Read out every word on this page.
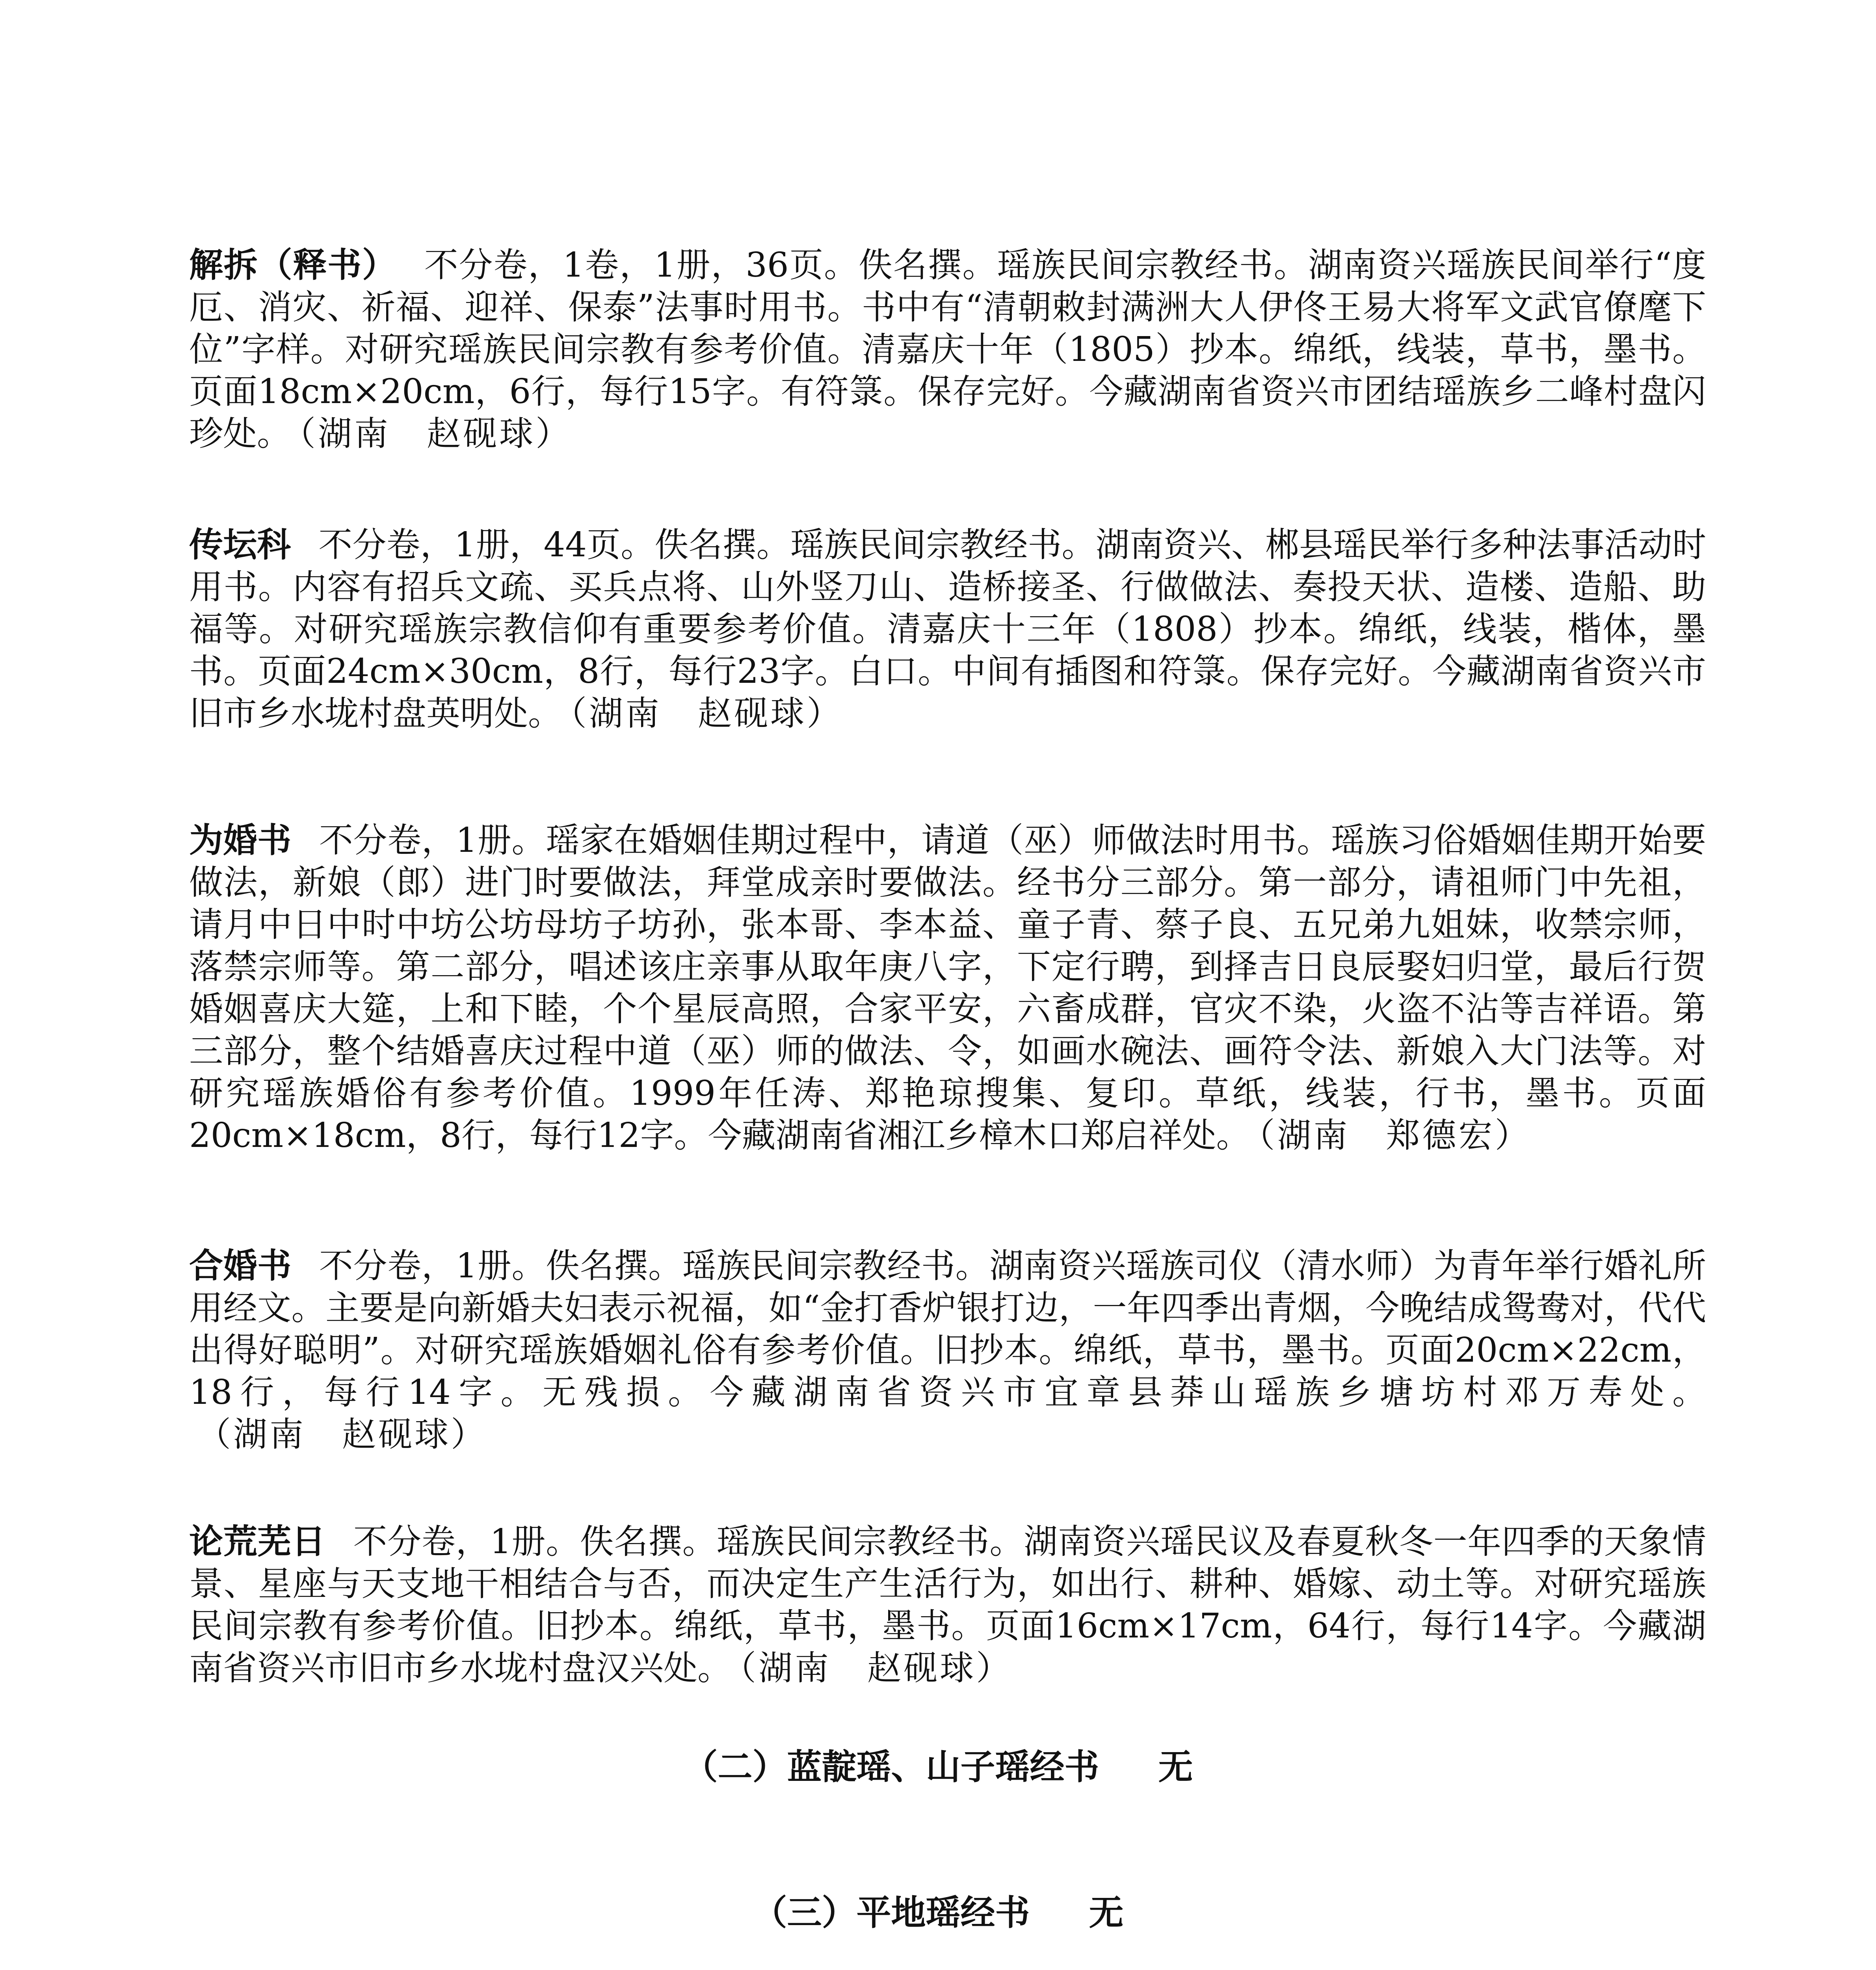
解拆（释书） 不分卷，1卷，1册，36页。佚名撰。瑶族民间宗教经书。湖南资兴瑶族民间举行“度厄、消灾、祈福、迎祥、保泰”法事时用书。书中有“清朝敕封满洲大人伊佟王易大将军文武官僚麾下位”字样。对研究瑶族民间宗教有参考价值。清嘉庆十年（1805）抄本。绵纸，线装，草书，墨书。页面18cm×20cm，6行，每行15字。有符箓。保存完好。今藏湖南省资兴市团结瑶族乡二峰村盘闪珍处。 （湖南　赵砚球）

传坛科 不分卷，1册，44页。佚名撰。瑶族民间宗教经书。湖南资兴、郴县瑶民举行多种法事活动时用书。内容有招兵文疏、买兵点将、山外竖刀山、造桥接圣、行做做法、奏投天状、造楼、造船、助福等。对研究瑶族宗教信仰有重要参考价值。清嘉庆十三年（1808）抄本。绵纸，线装，楷体，墨书。页面24cm×30cm，8行，每行23字。白口。中间有插图和符箓。保存完好。今藏湖南省资兴市旧市乡水垅村盘英明处。 （湖南　赵砚球）

为婚书 不分卷，1册。瑶家在婚姻佳期过程中，请道（巫）师做法时用书。瑶族习俗婚姻佳期开始要做法，新娘（郎）进门时要做法，拜堂成亲时要做法。经书分三部分。第一部分，请祖师门中先祖，请月中日中时中坊公坊母坊子坊孙，张本哥、李本益、童子青、蔡子良、五兄弟九姐妹，收禁宗师，落禁宗师等。第二部分，唱述该庄亲事从取年庚八字，下定行聘，到择吉日良辰娶妇归堂，最后行贺婚姻喜庆大筵，上和下睦，个个星辰高照，合家平安，六畜成群，官灾不染，火盗不沾等吉祥语。第三部分，整个结婚喜庆过程中道（巫）师的做法、令，如画水碗法、画符令法、新娘入大门法等。对研究瑶族婚俗有参考价值。1999年任涛、郑艳琼搜集、复印。草纸，线装，行书，墨书。页面20cm×18cm，8行，每行12字。今藏湖南省湘江乡樟木口郑启祥处。 （湖南　郑德宏）

合婚书 不分卷，1册。佚名撰。瑶族民间宗教经书。湖南资兴瑶族司仪（清水师）为青年举行婚礼所用经文。主要是向新婚夫妇表示祝福，如“金打香炉银打边，一年四季出青烟，今晚结成鸳鸯对，代代出得好聪明”。对研究瑶族婚姻礼俗有参考价值。旧抄本。绵纸，草书，墨书。页面20cm×22cm，18行，每行14字。无残损。今藏湖南省资兴市宜章县莽山瑶族乡塘坊村邓万寿处。（湖南　赵砚球）

论荒芜日 不分卷，1册。佚名撰。瑶族民间宗教经书。湖南资兴瑶民议及春夏秋冬一年四季的天象情景、星座与天支地干相结合与否，而决定生产生活行为，如出行、耕种、婚嫁、动土等。对研究瑶族民间宗教有参考价值。旧抄本。绵纸，草书，墨书。页面16cm×17cm，64行，每行14字。今藏湖南省资兴市旧市乡水垅村盘汉兴处。 （湖南　赵砚球）

（二）蓝靛瑶、山子瑶经书 无
（三）平地瑶经书 无
